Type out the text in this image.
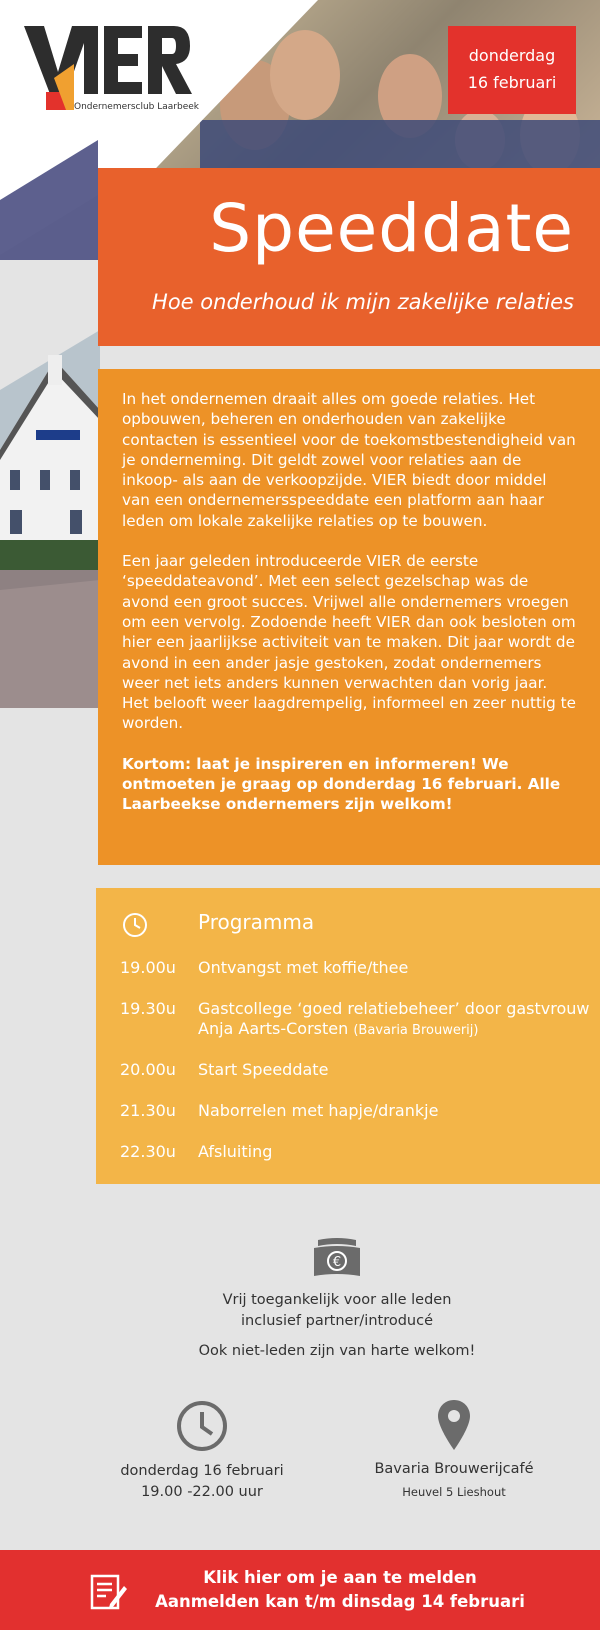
Ondernemersclub Laarbeek
donderdag
16 februari
Speeddate
Hoe onderhoud ik mijn zakelijke relaties

In het ondernemen draait alles om goede relaties. Het opbouwen, beheren en onderhouden van zakelijke contacten is essentieel voor de toekomstbestendigheid van je onderneming. Dit geldt zowel voor relaties aan de inkoop- als aan de verkoopzijde. VIER biedt door middel van een ondernemersspeeddate een platform aan haar leden om lokale zakelijke relaties op te bouwen.

Een jaar geleden introduceerde VIER de eerste ‘speeddateavond’. Met een select gezelschap was de avond een groot succes. Vrijwel alle ondernemers vroegen om een vervolg. Zodoende heeft VIER dan ook besloten om hier een jaarlijkse activiteit van te maken. Dit jaar wordt de avond in een ander jasje gestoken, zodat ondernemers weer net iets anders kunnen verwachten dan vorig jaar. Het belooft weer laagdrempelig, informeel en zeer nuttig te worden.

Kortom: laat je inspireren en informeren! We ontmoeten je graag op donderdag 16 februari. Alle Laarbeekse ondernemers zijn welkom!

Programma
19.00u	Ontvangst met koffie/thee
19.30u	Gastcollege ‘goed relatiebeheer’ door gastvrouw Anja Aarts-Corsten (Bavaria Brouwerij)
20.00u	Start Speeddate
21.30u	Naborrelen met hapje/drankje
22.30u	Afsluiting
€
Vrij toegankelijk voor alle leden
inclusief partner/introducé
Ook niet-leden zijn van harte welkom!
donderdag 16 februari
19.00 -22.00 uur
Bavaria Brouwerijcafé
Heuvel 5 Lieshout
Klik hier om je aan te melden
Aanmelden kan t/m dinsdag 14 februari
